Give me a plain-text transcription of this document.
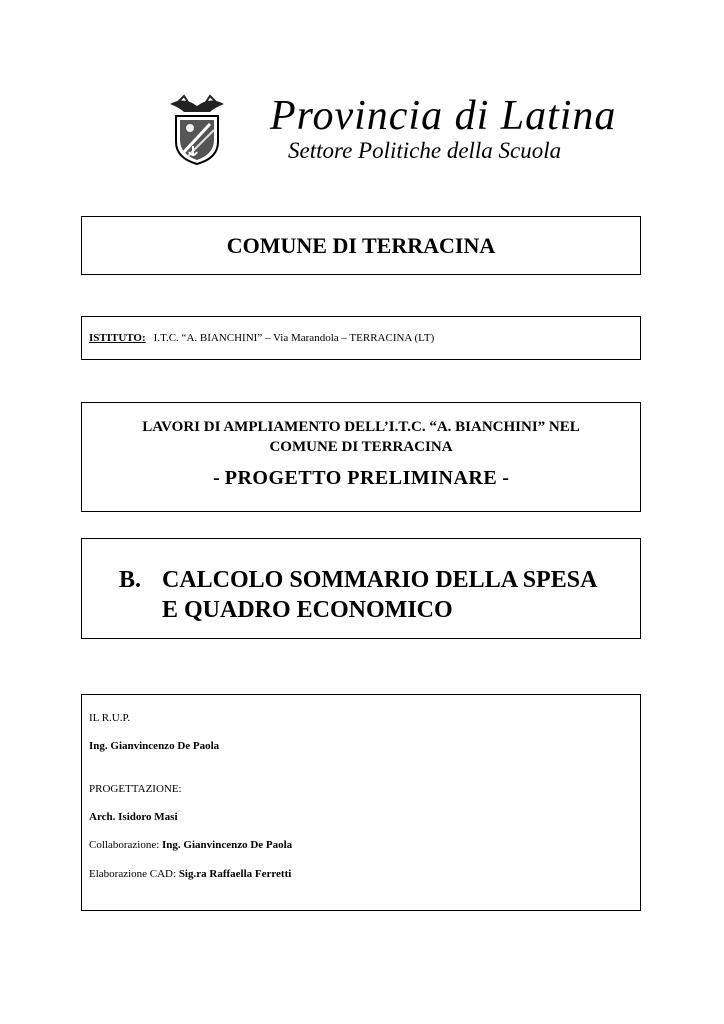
Provincia di Latina
Settore Politiche della Scuola
COMUNE DI TERRACINA
ISTITUTO: I.T.C. “A. BIANCHINI” – Via Marandola – TERRACINA (LT)
LAVORI DI AMPLIAMENTO DELL’I.T.C. “A. BIANCHINI” NEL
COMUNE DI TERRACINA
- PROGETTO PRELIMINARE -
B. CALCOLO SOMMARIO DELLA SPESA
E QUADRO ECONOMICO
IL R.U.P.
Ing. Gianvincenzo De Paola
PROGETTAZIONE:
Arch. Isidoro Masi
Collaborazione: Ing. Gianvincenzo De Paola
Elaborazione CAD: Sig.ra Raffaella Ferretti
